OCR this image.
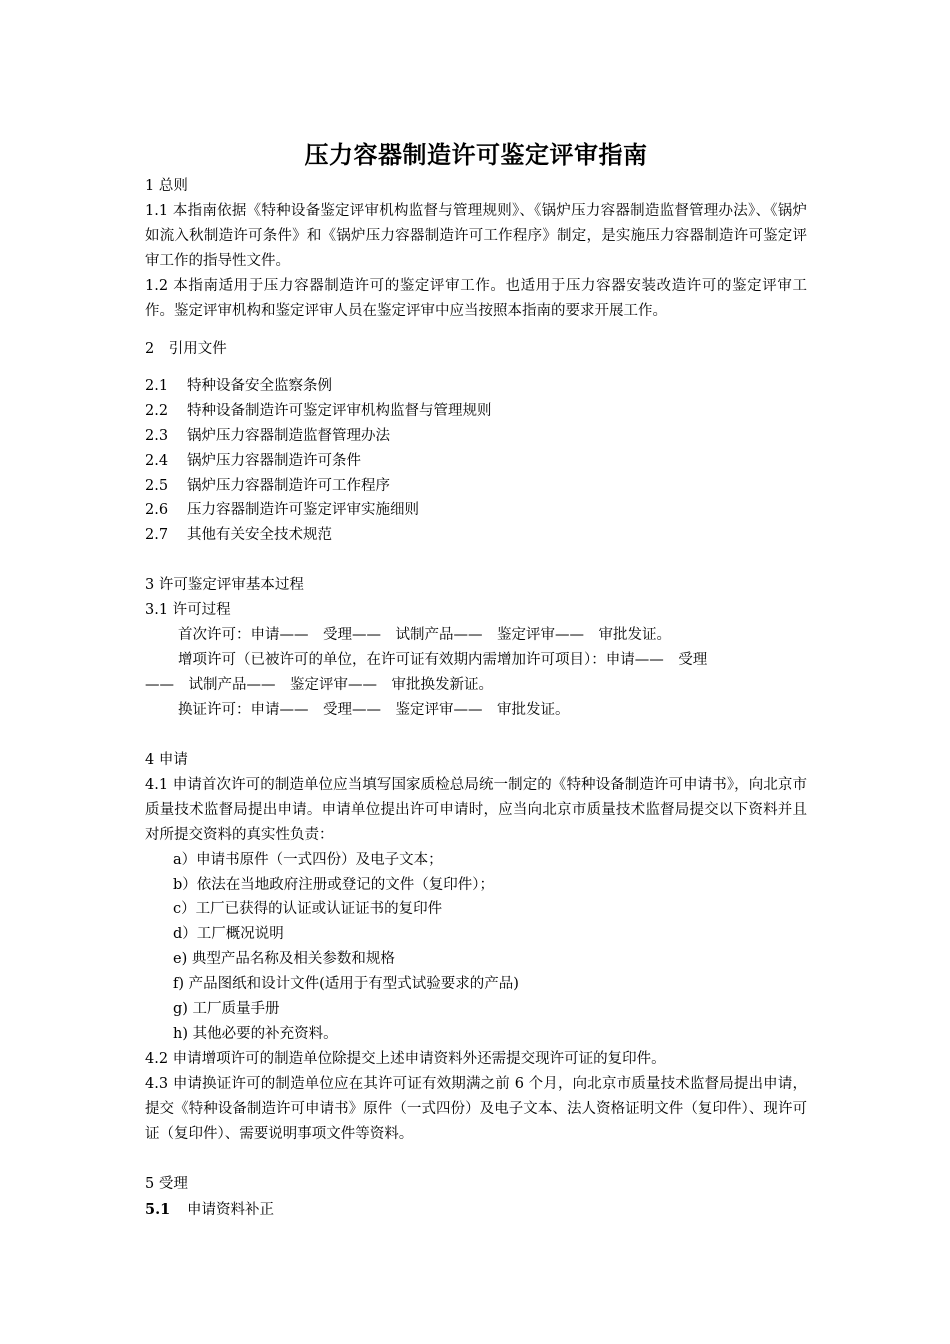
压力容器制造许可鉴定评审指南
1 总则
1.1 本指南依据《特种设备鉴定评审机构监督与管理规则》、《锅炉压力容器制造监督管理办法》、《锅炉如流入秋制造许可条件》和《锅炉压力容器制造许可工作程序》制定，是实施压力容器制造许可鉴定评审工作的指导性文件。
1.2 本指南适用于压力容器制造许可的鉴定评审工作。也适用于压力容器安装改造许可的鉴定评审工作。鉴定评审机构和鉴定评审人员在鉴定评审中应当按照本指南的要求开展工作。
2　引用文件
2.1 特种设备安全监察条例
2.2 特种设备制造许可鉴定评审机构监督与管理规则
2.3 锅炉压力容器制造监督管理办法
2.4 锅炉压力容器制造许可条件
2.5 锅炉压力容器制造许可工作程序
2.6 压力容器制造许可鉴定评审实施细则
2.7 其他有关安全技术规范
3 许可鉴定评审基本过程
3.1 许可过程
首次许可：申请——　受理——　试制产品——　鉴定评审——　审批发证。
增项许可（已被许可的单位，在许可证有效期内需增加许可项目）：申请——　受理
——　试制产品——　鉴定评审——　审批换发新证。
换证许可：申请——　受理——　鉴定评审——　审批发证。
4 申请
4.1 申请首次许可的制造单位应当填写国家质检总局统一制定的《特种设备制造许可申请书》，向北京市质量技术监督局提出申请。申请单位提出许可申请时，应当向北京市质量技术监督局提交以下资料并且对所提交资料的真实性负责：
a）申请书原件（一式四份）及电子文本；
b）依法在当地政府注册或登记的文件（复印件）；
c）工厂已获得的认证或认证证书的复印件
d）工厂概况说明
e) 典型产品名称及相关参数和规格
f) 产品图纸和设计文件(适用于有型式试验要求的产品)
g) 工厂质量手册
h) 其他必要的补充资料。
4.2 申请增项许可的制造单位除提交上述申请资料外还需提交现许可证的复印件。
4.3 申请换证许可的制造单位应在其许可证有效期满之前 6 个月，向北京市质量技术监督局提出申请，提交《特种设备制造许可申请书》原件（一式四份）及电子文本、法人资格证明文件（复印件）、现许可证（复印件）、需要说明事项文件等资料。
5 受理
5.1 申请资料补正
